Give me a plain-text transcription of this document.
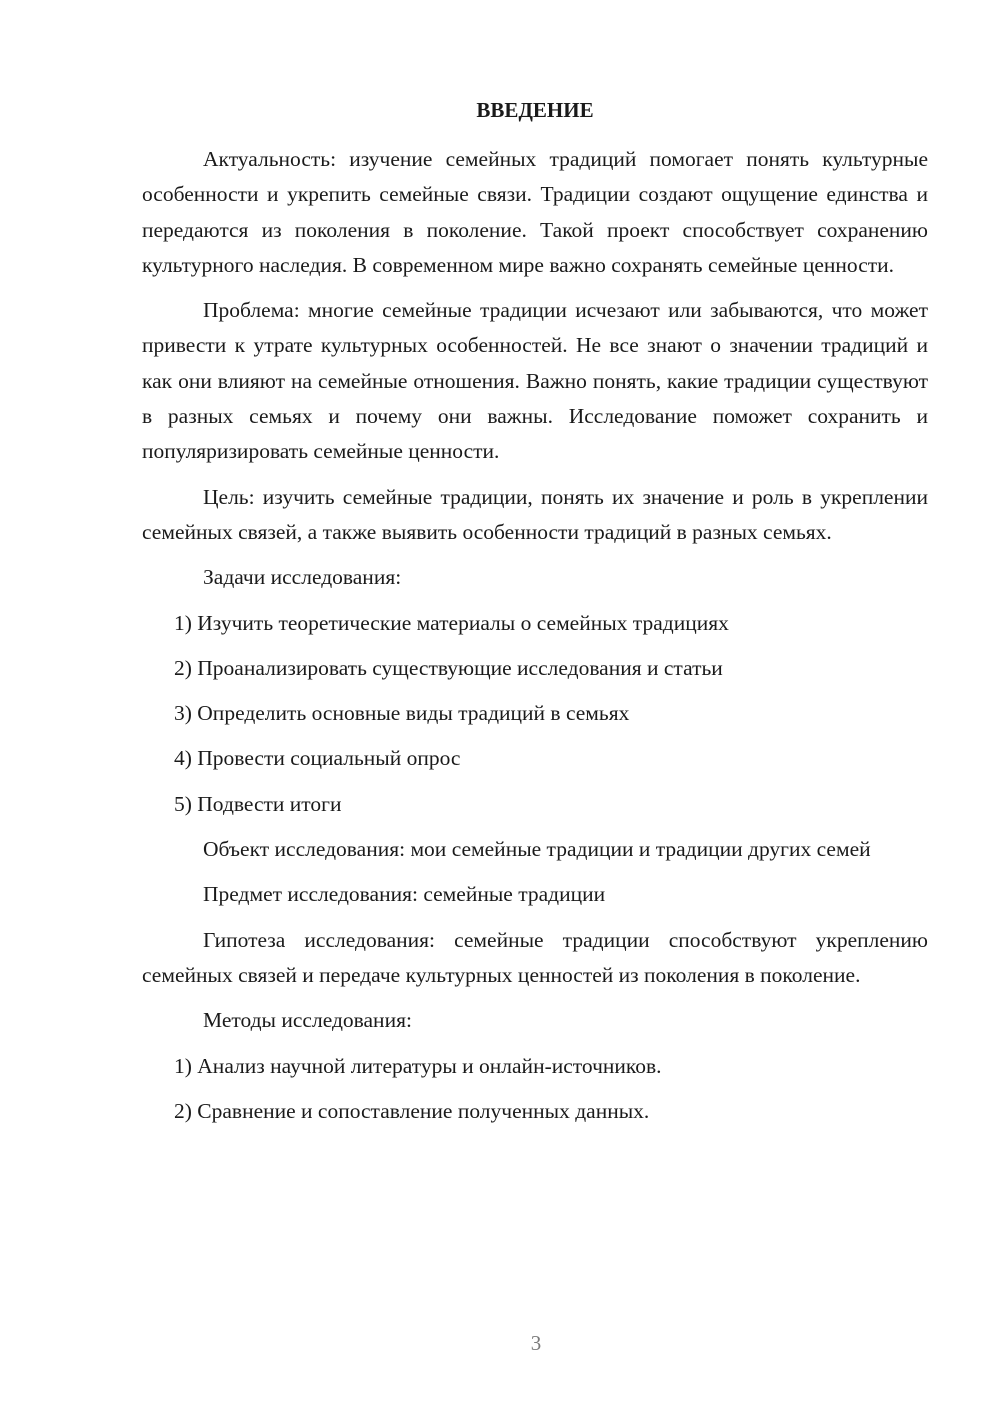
ВВЕДЕНИЕ

Актуальность: изучение семейных традиций помогает понять культурные особенности и укрепить семейные связи. Традиции создают ощущение единства и передаются из поколения в поколение. Такой проект способствует сохранению культурного наследия. В современном мире важно сохранять семейные ценности.

Проблема: многие семейные традиции исчезают или забываются, что может привести к утрате культурных особенностей. Не все знают о значении традиций и как они влияют на семейные отношения. Важно понять, какие традиции существуют в разных семьях и почему они важны. Исследование поможет сохранить и популяризировать семейные ценности.

Цель: изучить семейные традиции, понять их значение и роль в укреплении семейных связей, а также выявить особенности традиций в разных семьях.

Задачи исследования:

1) Изучить теоретические материалы о семейных традициях
2) Проанализировать существующие исследования и статьи
3) Определить основные виды традиций в семьях
4) Провести социальный опрос
5) Подвести итоги

Объект исследования: мои семейные традиции и традиции других семей

Предмет исследования: семейные традиции

Гипотеза исследования: семейные традиции способствуют укреплению семейных связей и передаче культурных ценностей из поколения в поколение.

Методы исследования:

1) Анализ научной литературы и онлайн-источников.
2) Сравнение и сопоставление полученных данных.
3
